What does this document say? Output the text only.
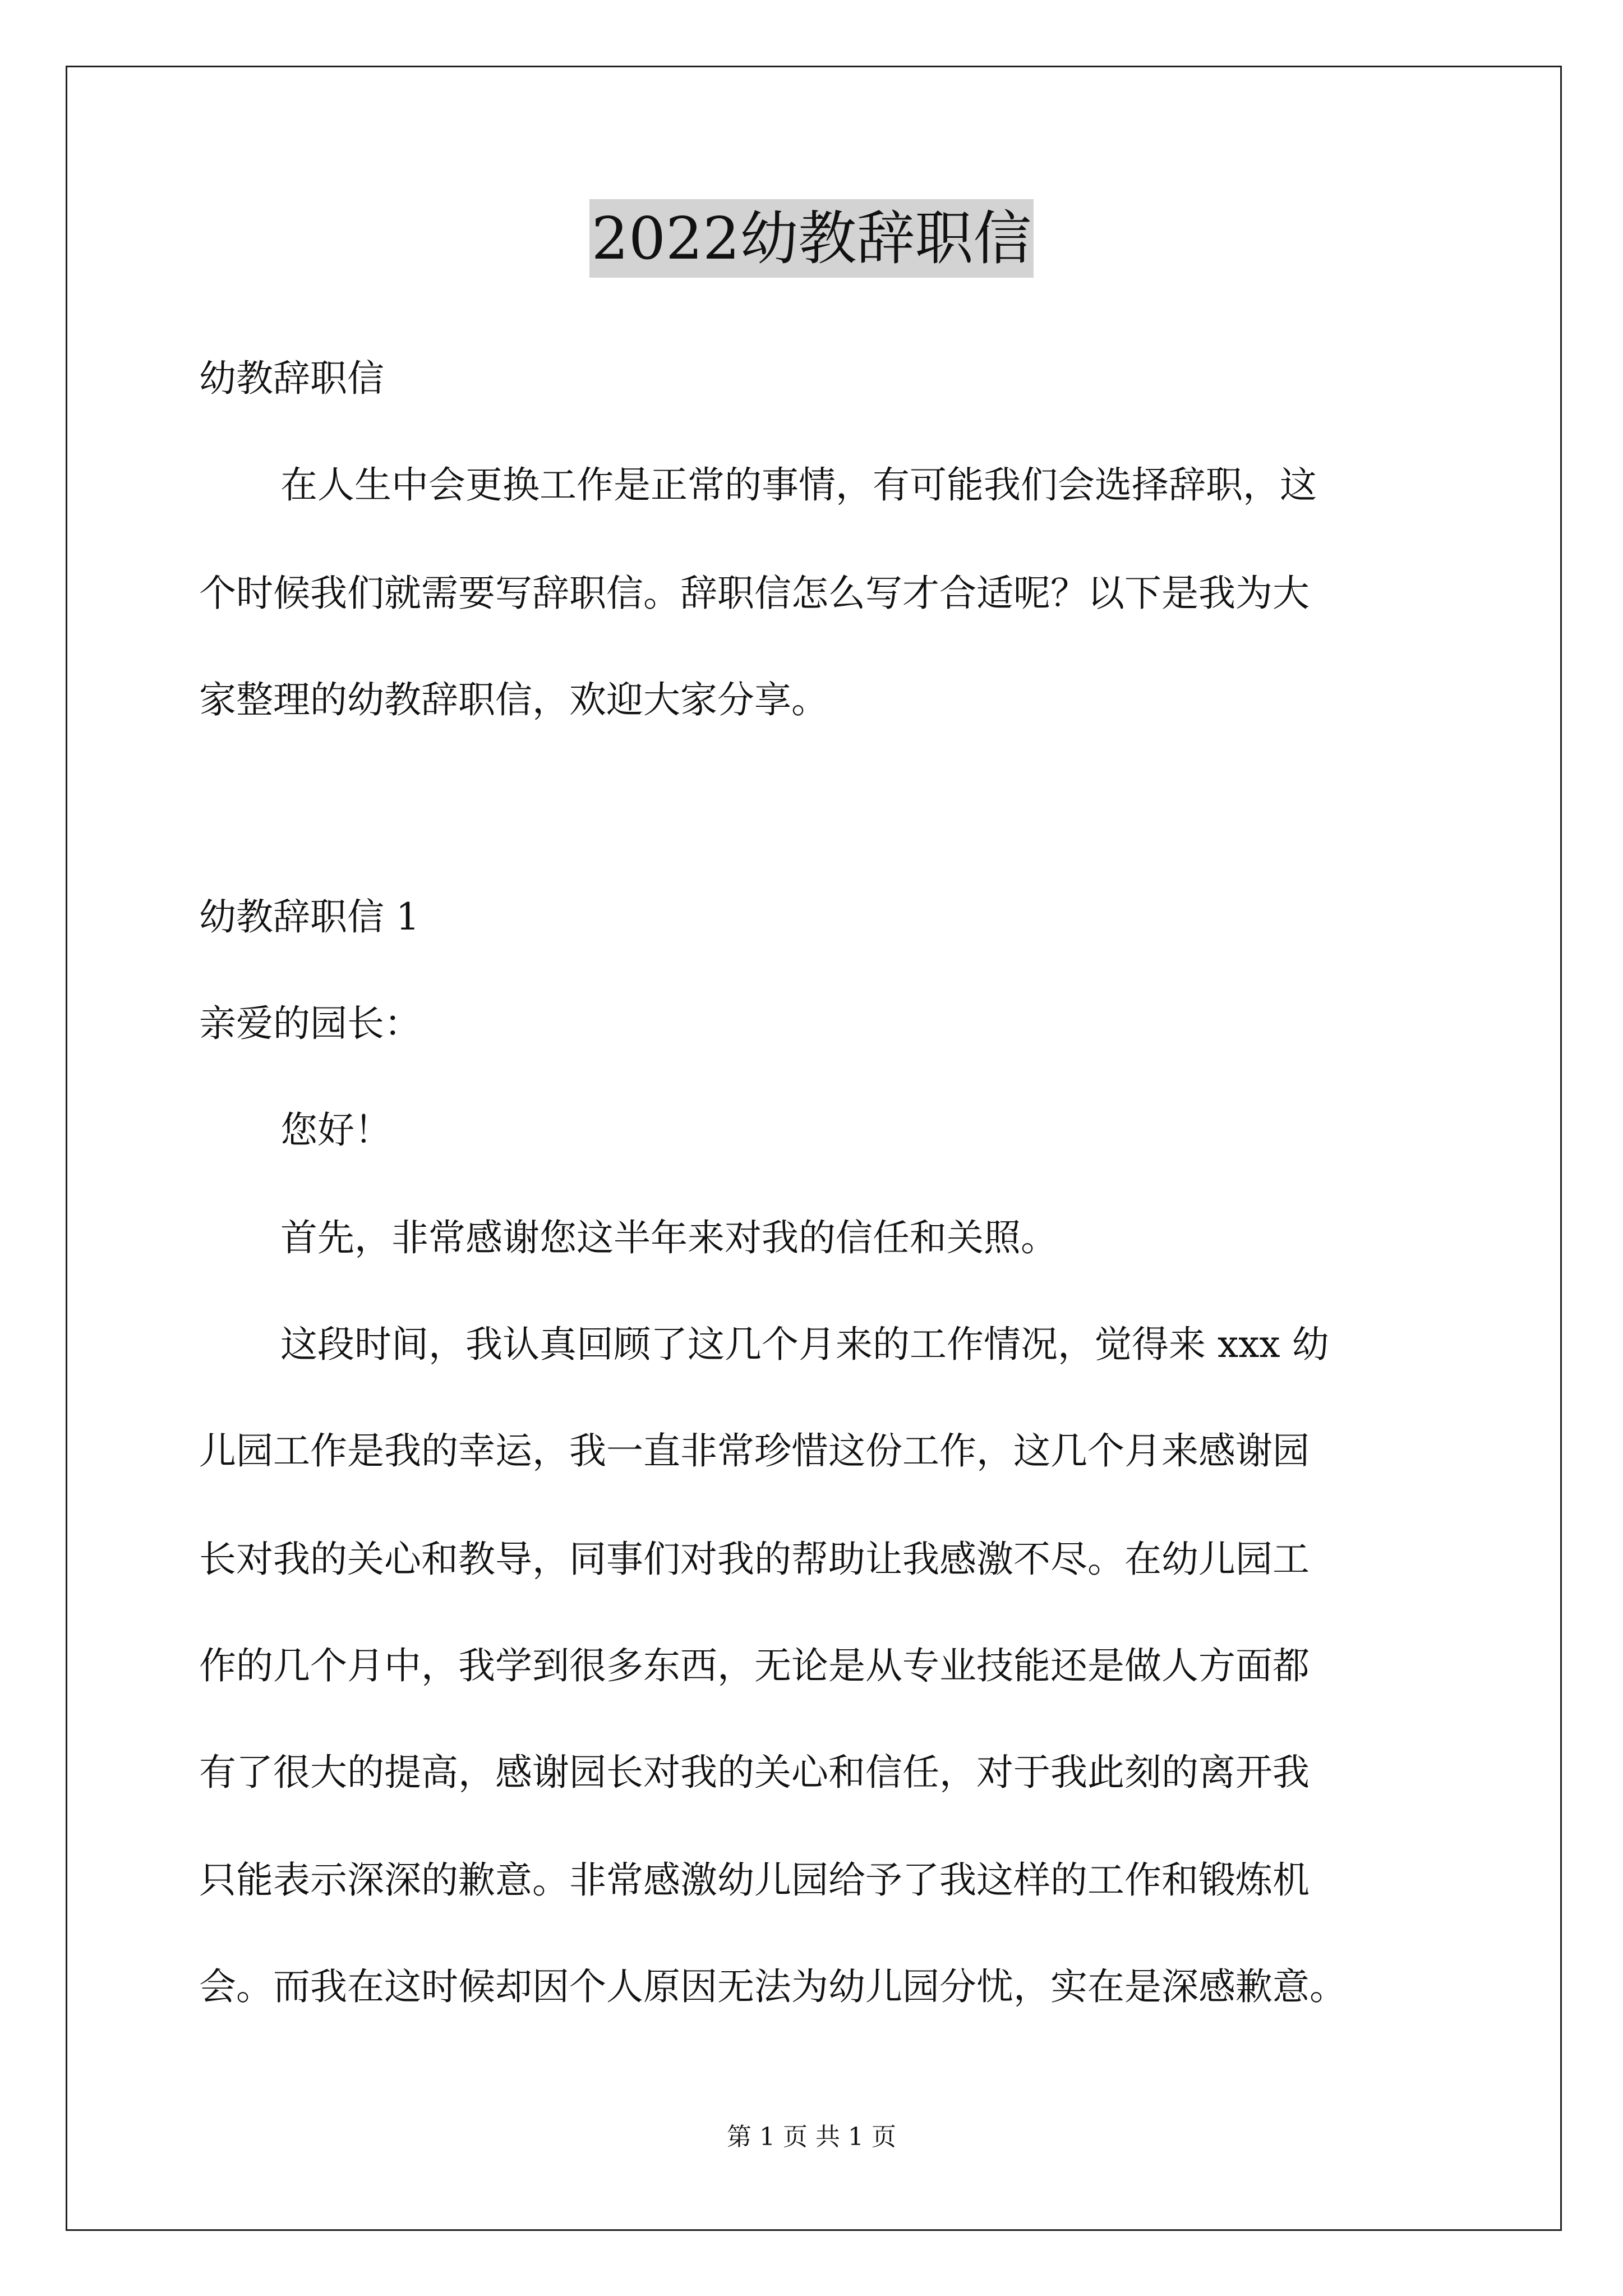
2022幼教辞职信
幼教辞职信
在人生中会更换工作是正常的事情，有可能我们会选择辞职，这
个时候我们就需要写辞职信。辞职信怎么写才合适呢？以下是我为大
家整理的幼教辞职信，欢迎大家分享。
幼教辞职信 1
亲爱的园长：
您好！
首先，非常感谢您这半年来对我的信任和关照。
这段时间，我认真回顾了这几个月来的工作情况，觉得来 xxx 幼
儿园工作是我的幸运，我一直非常珍惜这份工作，这几个月来感谢园
长对我的关心和教导，同事们对我的帮助让我感激不尽。在幼儿园工
作的几个月中，我学到很多东西，无论是从专业技能还是做人方面都
有了很大的提高，感谢园长对我的关心和信任，对于我此刻的离开我
只能表示深深的歉意。非常感激幼儿园给予了我这样的工作和锻炼机
会。而我在这时候却因个人原因无法为幼儿园分忧，实在是深感歉意。
第 1 页 共 1 页
